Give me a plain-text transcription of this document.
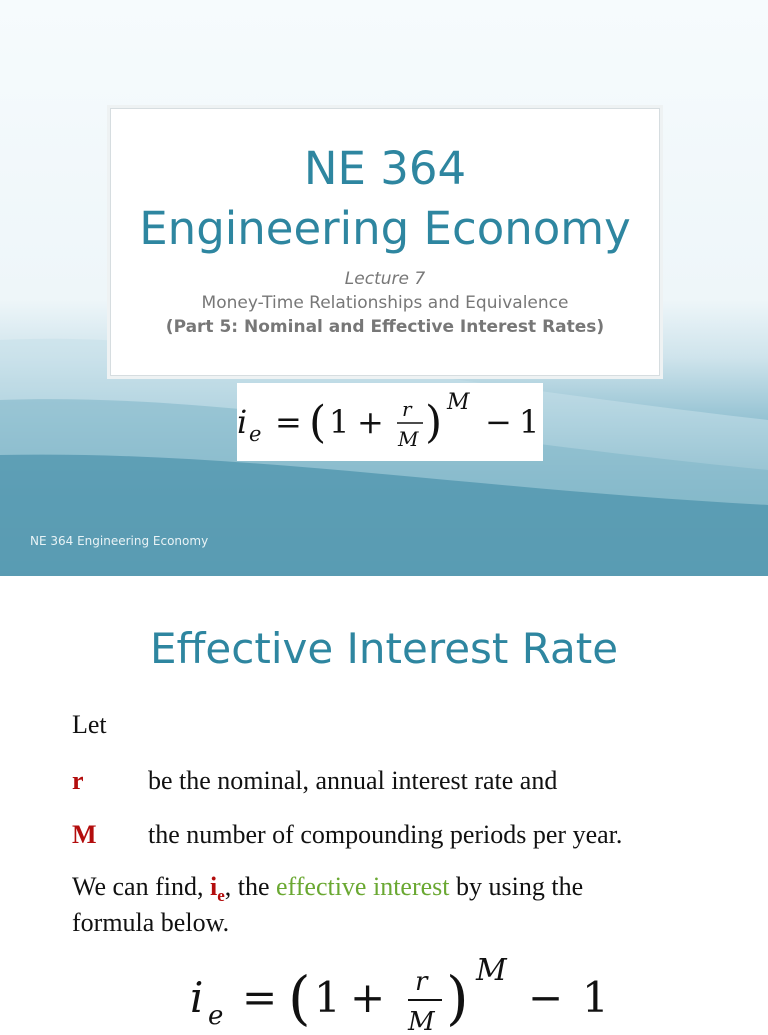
NE 364
Engineering Economy
Lecture 7
Money-Time Relationships and Equivalence
(Part 5: Nominal and Effective Interest Rates)
i e = ( 1 + r
M ) M
− 1
NE 364 Engineering Economy
Effective Interest Rate
Let
r be the nominal, annual interest rate and
M the number of compounding periods per year.
We can find, $i_e$, the effective interest by using the
formula below.
i e = ( 1 + r
M ) M
− 1
